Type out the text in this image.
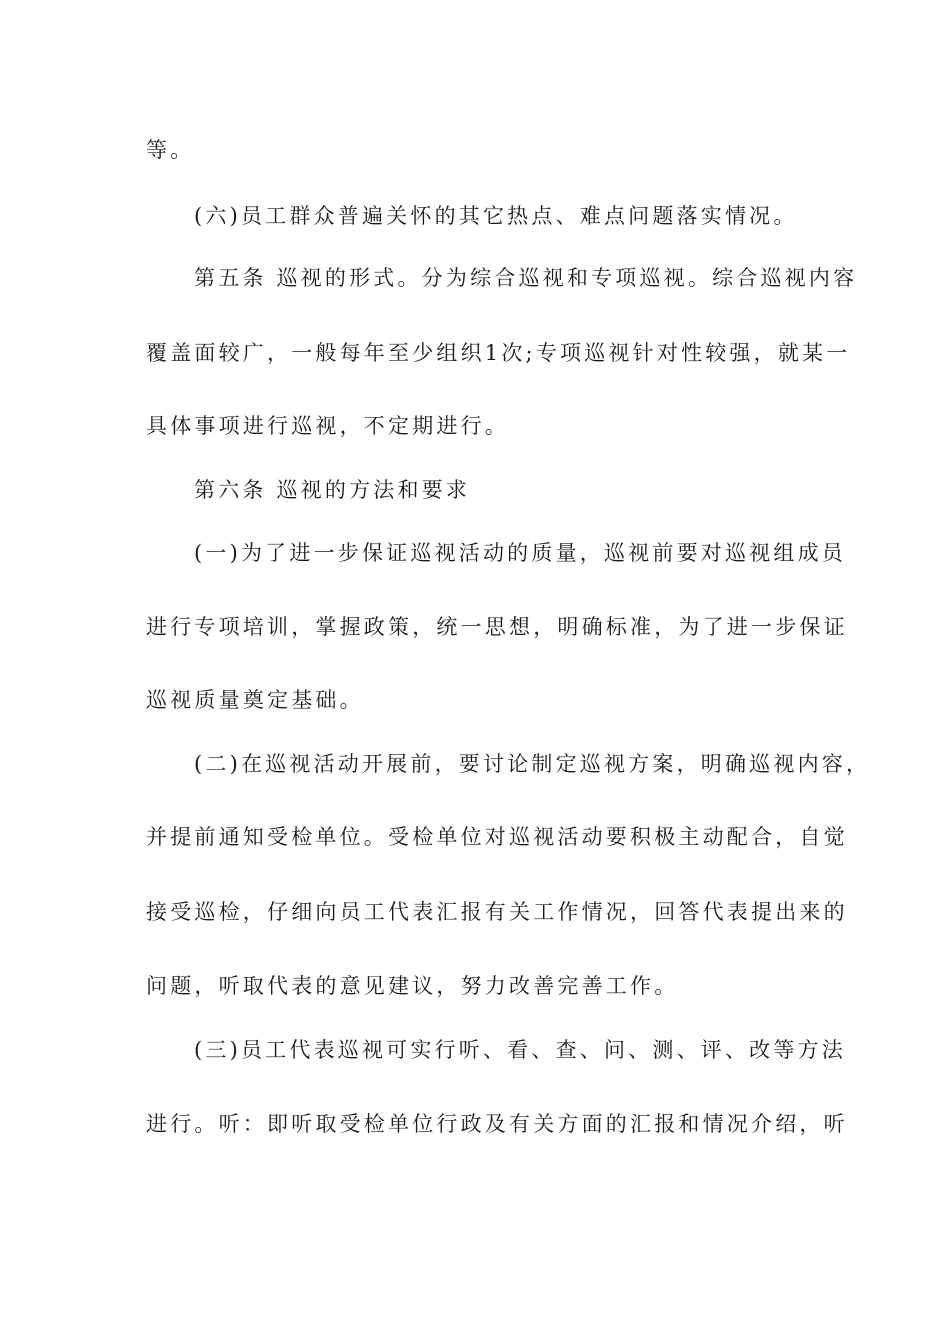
等。
(六)员工群众普遍关怀的其它热点、难点问题落实情况。
第五条 巡视的形式。分为综合巡视和专项巡视。综合巡视内容
覆盖面较广，一般每年至少组织1次;专项巡视针对性较强，就某一
具体事项进行巡视，不定期进行。
第六条 巡视的方法和要求
(一)为了进一步保证巡视活动的质量，巡视前要对巡视组成员
进行专项培训，掌握政策，统一思想，明确标准，为了进一步保证
巡视质量奠定基础。
(二)在巡视活动开展前，要讨论制定巡视方案，明确巡视内容，
并提前通知受检单位。受检单位对巡视活动要积极主动配合，自觉
接受巡检，仔细向员工代表汇报有关工作情况，回答代表提出来的
问题，听取代表的意见建议，努力改善完善工作。
(三)员工代表巡视可实行听、看、查、问、测、评、改等方法
进行。听：即听取受检单位行政及有关方面的汇报和情况介绍，听
